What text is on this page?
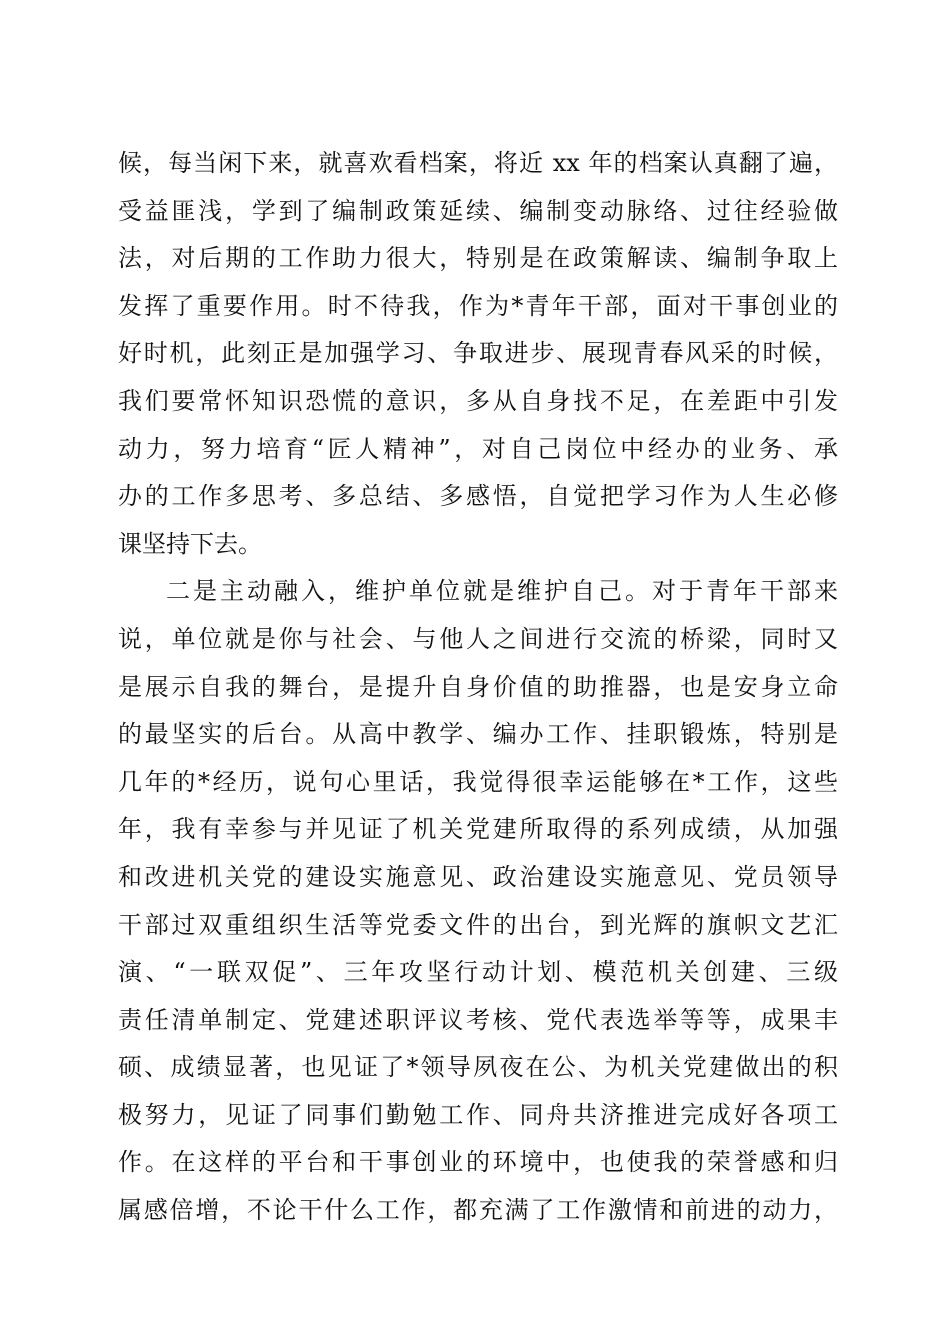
候，每当闲下来，就喜欢看档案，将近 xx 年的档案认真翻了遍，
受益匪浅，学到了编制政策延续、编制变动脉络、过往经验做
法，对后期的工作助力很大，特别是在政策解读、编制争取上
发挥了重要作用。时不待我，作为*青年干部，面对干事创业的
好时机，此刻正是加强学习、争取进步、展现青春风采的时候，
我们要常怀知识恐慌的意识，多从自身找不足，在差距中引发
动力，努力培育“匠人精神”，对自己岗位中经办的业务、承
办的工作多思考、多总结、多感悟，自觉把学习作为人生必修
课坚持下去。
二是主动融入，维护单位就是维护自己。对于青年干部来
说，单位就是你与社会、与他人之间进行交流的桥梁，同时又
是展示自我的舞台，是提升自身价值的助推器，也是安身立命
的最坚实的后台。从高中教学、编办工作、挂职锻炼，特别是
几年的*经历，说句心里话，我觉得很幸运能够在*工作，这些
年，我有幸参与并见证了机关党建所取得的系列成绩，从加强
和改进机关党的建设实施意见、政治建设实施意见、党员领导
干部过双重组织生活等党委文件的出台，到光辉的旗帜文艺汇
演、“一联双促”、三年攻坚行动计划、模范机关创建、三级
责任清单制定、党建述职评议考核、党代表选举等等，成果丰
硕、成绩显著，也见证了*领导夙夜在公、为机关党建做出的积
极努力，见证了同事们勤勉工作、同舟共济推进完成好各项工
作。在这样的平台和干事创业的环境中，也使我的荣誉感和归
属感倍增，不论干什么工作，都充满了工作激情和前进的动力，
